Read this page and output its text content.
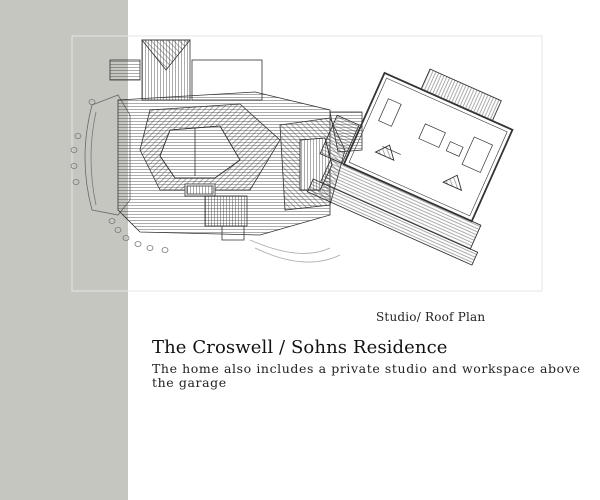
Studio/ Roof Plan
The Croswell / Sohns Residence
The home also includes a private studio and workspace above the garage
